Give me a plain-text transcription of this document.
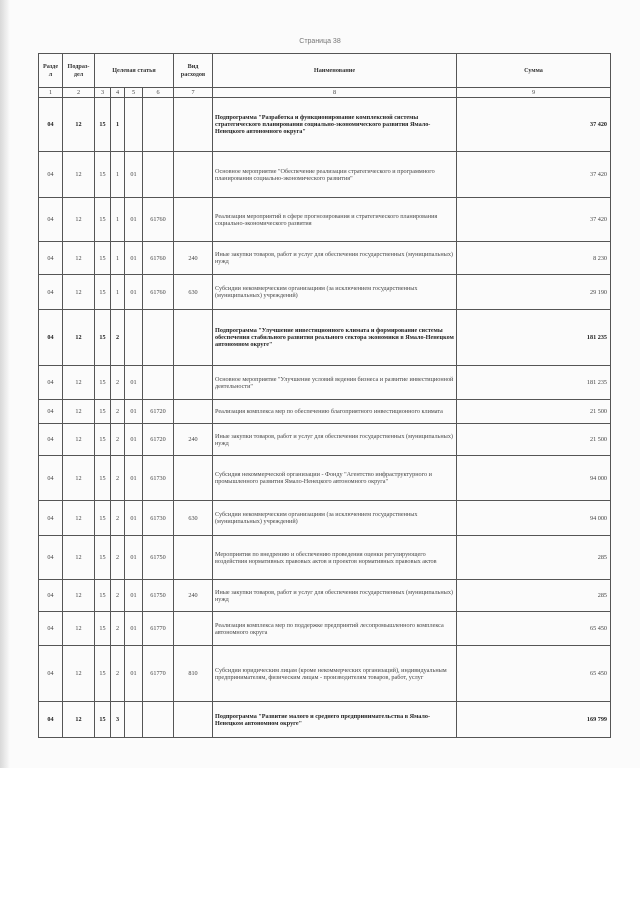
Страница 38
Разде л	Подраз- дел	Целевая статья				Вид расходов	Наименование	Сумма
1	2	3	4	5	6	7	8	9
04	12	15	1				Подпрограмма "Разработка и функционирование комплексной системы стратегического планирования социально-экономического развития Ямало-Ненецкого автономного округа"	37 420
04	12	15	1	01			Основное мероприятие "Обеспечение реализации стратегического и программного планирования социально-экономического развития"	37 420
04	12	15	1	01	61760		Реализация мероприятий в сфере прогнозирования и стратегического планирования социально-экономического развития	37 420
04	12	15	1	01	61760	240	Иные закупки товаров, работ и услуг для обеспечения государственных (муниципальных) нужд	8 230
04	12	15	1	01	61760	630	Субсидии некоммерческим организациям (за исключением государственных (муниципальных) учреждений)	29 190
04	12	15	2				Подпрограмма "Улучшение инвестиционного климата и формирование системы обеспечения стабильного развития реального сектора экономики в Ямало-Ненецком автономном округе"	181 235
04	12	15	2	01			Основное мероприятие "Улучшение условий ведения бизнеса и развитие инвестиционной деятельности"	181 235
04	12	15	2	01	61720		Реализация комплекса мер по обеспечению благоприятного инвестиционного климата	21 500
04	12	15	2	01	61720	240	Иные закупки товаров, работ и услуг для обеспечения государственных (муниципальных) нужд	21 500
04	12	15	2	01	61730		Субсидия некоммерческой организации - Фонду "Агентство инфраструктурного и промышленного развития Ямало-Ненецкого автономного округа"	94 000
04	12	15	2	01	61730	630	Субсидии некоммерческим организациям (за исключением государственных (муниципальных) учреждений)	94 000
04	12	15	2	01	61750		Мероприятия по внедрению и обеспечению проведения оценки регулирующего воздействия нормативных правовых актов и проектов нормативных правовых актов	285
04	12	15	2	01	61750	240	Иные закупки товаров, работ и услуг для обеспечения государственных (муниципальных) нужд	285
04	12	15	2	01	61770		Реализация комплекса мер по поддержке предприятий лесопромышленного комплекса автономного округа	65 450
04	12	15	2	01	61770	810	Субсидии юридическим лицам (кроме некоммерческих организаций), индивидуальным предпринимателям, физическим лицам - производителям товаров, работ, услуг	65 450
04	12	15	3				Подпрограмма "Развитие малого и среднего предпринимательства в Ямало-Ненецком автономном округе"	169 799
